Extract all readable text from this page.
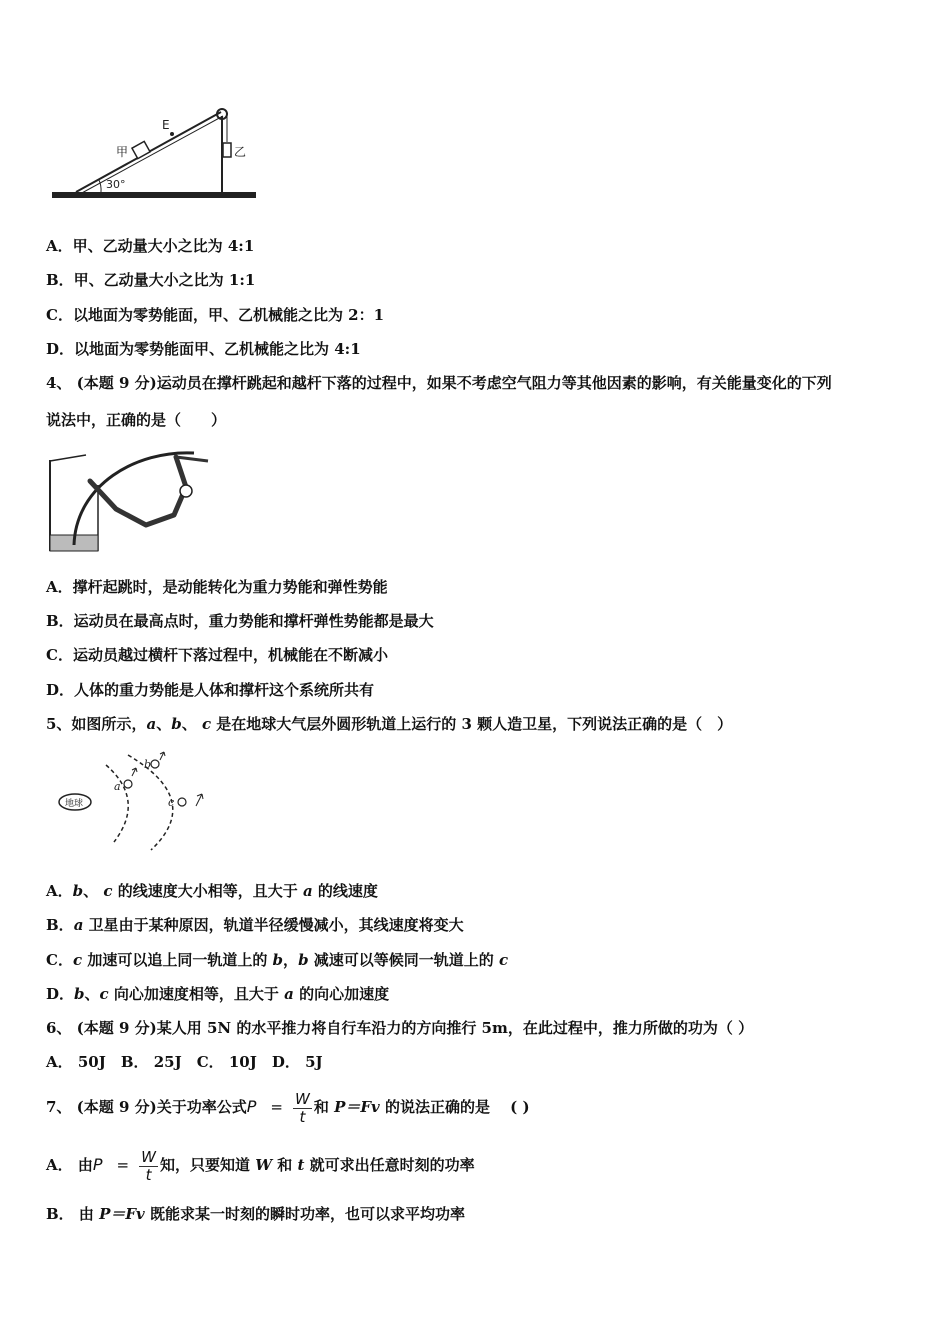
E
甲	乙
30°
A．甲、乙动量大小之比为 4:1
B．甲、乙动量大小之比为 1:1
C．以地面为零势能面，甲、乙机械能之比为 2：1
D．以地面为零势能面甲、乙机械能之比为 4:1
4、 (本题 9 分)运动员在撑杆跳起和越杆下落的过程中，如果不考虑空气阻力等其他因素的影响，有关能量变化的下列
说法中，正确的是（　　）
A．撑杆起跳时，是动能转化为重力势能和弹性势能
B．运动员在最高点时，重力势能和撑杆弹性势能都是最大
C．运动员越过横杆下落过程中，机械能在不断减小
D．人体的重力势能是人体和撑杆这个系统所共有
5、如图所示，a、b、 c 是在地球大气层外圆形轨道上运行的 3 颗人造卫星，下列说法正确的是（　）
地球
a
b
c
A．b、 c 的线速度大小相等，且大于 a 的线速度
B．a 卫星由于某种原因，轨道半径缓慢减小，其线速度将变大
C．c 加速可以追上同一轨道上的 b，b 减速可以等候同一轨道上的 c
D．b、c 向心加速度相等，且大于 a 的向心加速度
6、 (本题 9 分)某人用 5N 的水平推力将自行车沿力的方向推行 5m，在此过程中，推力所做的功为（ ）
A． 50J　B． 25J　C． 10J　D． 5J
7、 (本题 9 分)关于功率公式$P = \frac{W}{t}$ 和 P＝Fv 的说法正确的是　 ( )
A． 由$P = \frac{W}{t}$ 知，只要知道 W 和 t 就可求出任意时刻的功率
B． 由 P＝Fv 既能求某一时刻的瞬时功率，也可以求平均功率
